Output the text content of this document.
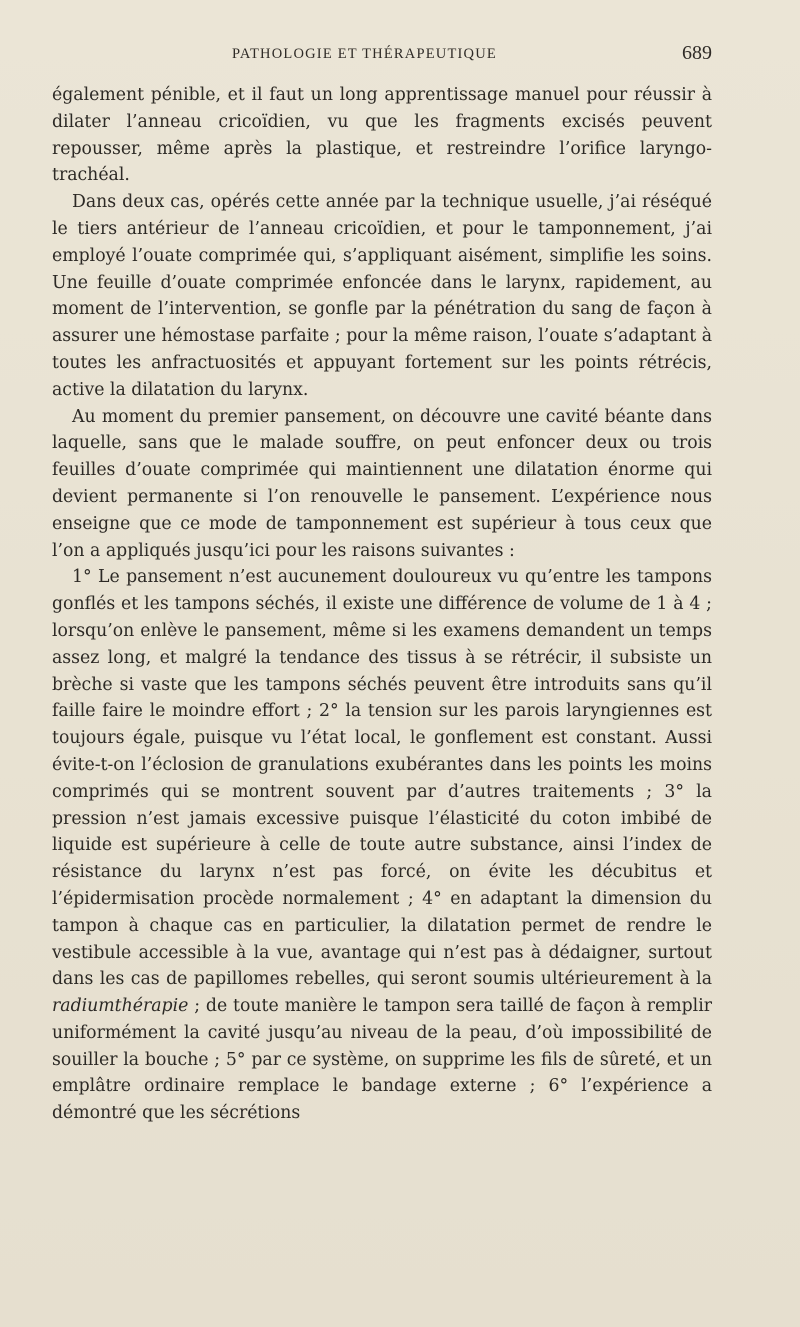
PATHOLOGIE ET THÉRAPEUTIQUE	689

également pénible, et il faut un long apprentissage manuel pour réussir à dilater l’anneau cricoïdien, vu que les fragments excisés peuvent repousser, même après la plastique, et restreindre l’orifice laryngo-trachéal.

Dans deux cas, opérés cette année par la technique usuelle, j’ai réséqué le tiers antérieur de l’anneau cricoïdien, et pour le tamponnement, j’ai employé l’ouate comprimée qui, s’appliquant aisément, simplifie les soins. Une feuille d’ouate comprimée enfoncée dans le larynx, rapidement, au moment de l’intervention, se gonfle par la pénétration du sang de façon à assurer une hémostase parfaite ; pour la même raison, l’ouate s’adaptant à toutes les anfractuosités et appuyant fortement sur les points rétrécis, active la dilatation du larynx.

Au moment du premier pansement, on découvre une cavité béante dans laquelle, sans que le malade souffre, on peut enfoncer deux ou trois feuilles d’ouate comprimée qui maintiennent une dilatation énorme qui devient permanente si l’on renouvelle le pansement. L’expérience nous enseigne que ce mode de tamponnement est supérieur à tous ceux que l’on a appliqués jusqu’ici pour les raisons suivantes :

1° Le pansement n’est aucunement douloureux vu qu’entre les tampons gonflés et les tampons séchés, il existe une différence de volume de 1 à 4 ; lorsqu’on enlève le pansement, même si les examens demandent un temps assez long, et malgré la tendance des tissus à se rétrécir, il subsiste un brèche si vaste que les tampons séchés peuvent être introduits sans qu’il faille faire le moindre effort ; 2° la tension sur les parois laryngiennes est toujours égale, puisque vu l’état local, le gonflement est constant. Aussi évite-t-on l’éclosion de granulations exubérantes dans les points les moins comprimés qui se montrent souvent par d’autres traitements ; 3° la pression n’est jamais excessive puisque l’élasticité du coton imbibé de liquide est supérieure à celle de toute autre substance, ainsi l’index de résistance du larynx n’est pas forcé, on évite les décubitus et l’épidermisation procède normalement ; 4° en adaptant la dimension du tampon à chaque cas en particulier, la dilatation permet de rendre le vestibule accessible à la vue, avantage qui n’est pas à dédaigner, surtout dans les cas de papillomes rebelles, qui seront soumis ultérieurement à la radiumthérapie ; de toute manière le tampon sera taillé de façon à remplir uniformément la cavité jusqu’au niveau de la peau, d’où impossibilité de souiller la bouche ; 5° par ce système, on supprime les fils de sûreté, et un emplâtre ordinaire remplace le bandage externe ; 6° l’expérience a démontré que les sécrétions
